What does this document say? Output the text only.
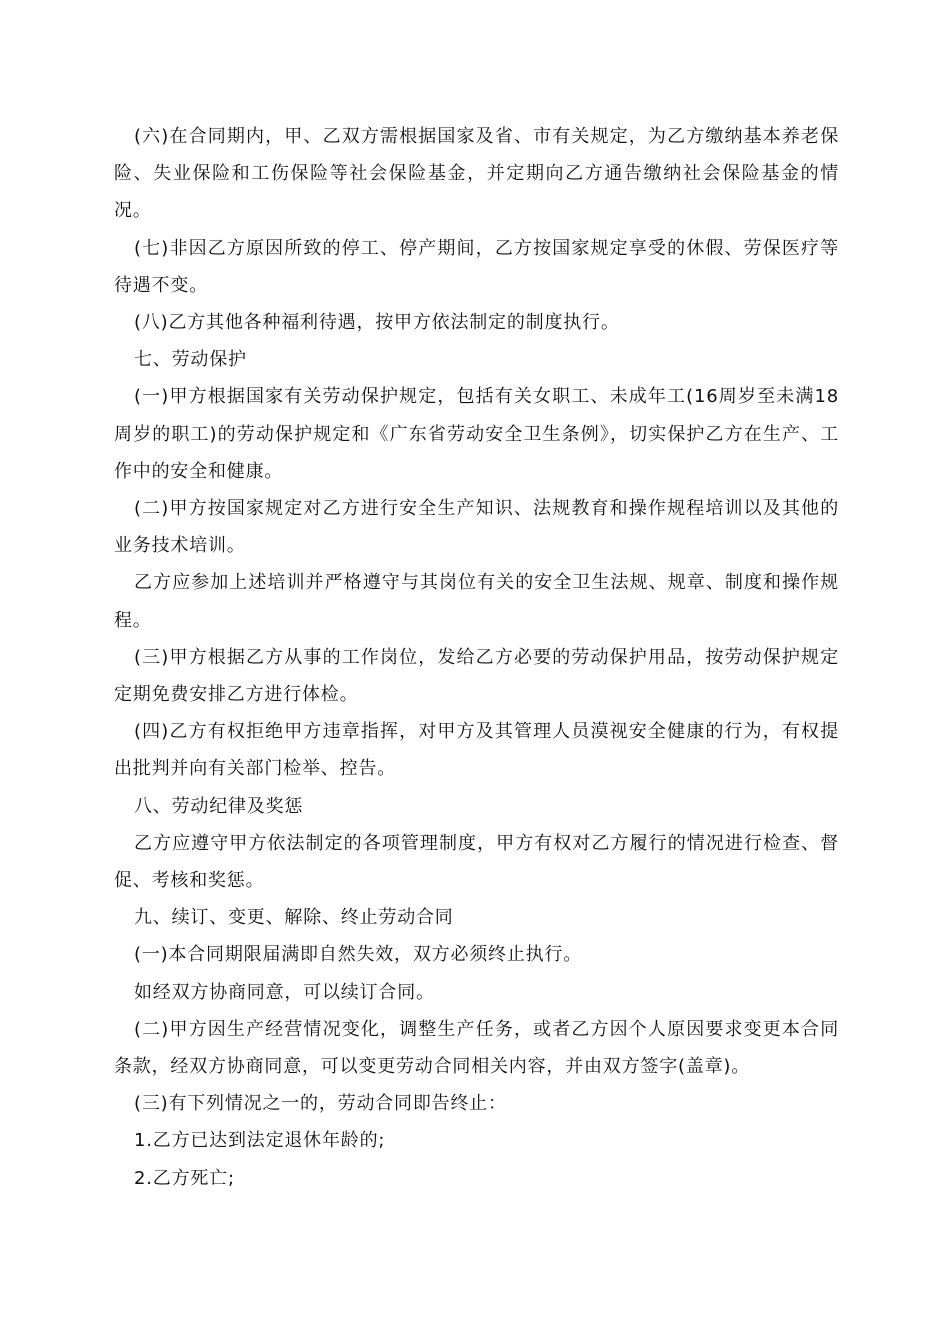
(六)在合同期内，甲、乙双方需根据国家及省、市有关规定，为乙方缴纳基本养老保险、失业保险和工伤保险等社会保险基金，并定期向乙方通告缴纳社会保险基金的情况。

(七)非因乙方原因所致的停工、停产期间，乙方按国家规定享受的休假、劳保医疗等待遇不变。

(八)乙方其他各种福利待遇，按甲方依法制定的制度执行。

七、劳动保护

(一)甲方根据国家有关劳动保护规定，包括有关女职工、未成年工(16周岁至未满18周岁的职工)的劳动保护规定和《广东省劳动安全卫生条例》，切实保护乙方在生产、工作中的安全和健康。

(二)甲方按国家规定对乙方进行安全生产知识、法规教育和操作规程培训以及其他的业务技术培训。

乙方应参加上述培训并严格遵守与其岗位有关的安全卫生法规、规章、制度和操作规程。

(三)甲方根据乙方从事的工作岗位，发给乙方必要的劳动保护用品，按劳动保护规定定期免费安排乙方进行体检。

(四)乙方有权拒绝甲方违章指挥，对甲方及其管理人员漠视安全健康的行为，有权提出批判并向有关部门检举、控告。

八、劳动纪律及奖惩

乙方应遵守甲方依法制定的各项管理制度，甲方有权对乙方履行的情况进行检查、督促、考核和奖惩。

九、续订、变更、解除、终止劳动合同

(一)本合同期限届满即自然失效，双方必须终止执行。

如经双方协商同意，可以续订合同。

(二)甲方因生产经营情况变化，调整生产任务，或者乙方因个人原因要求变更本合同条款，经双方协商同意，可以变更劳动合同相关内容，并由双方签字(盖章)。

(三)有下列情况之一的，劳动合同即告终止：

1.乙方已达到法定退休年龄的;

2.乙方死亡;
